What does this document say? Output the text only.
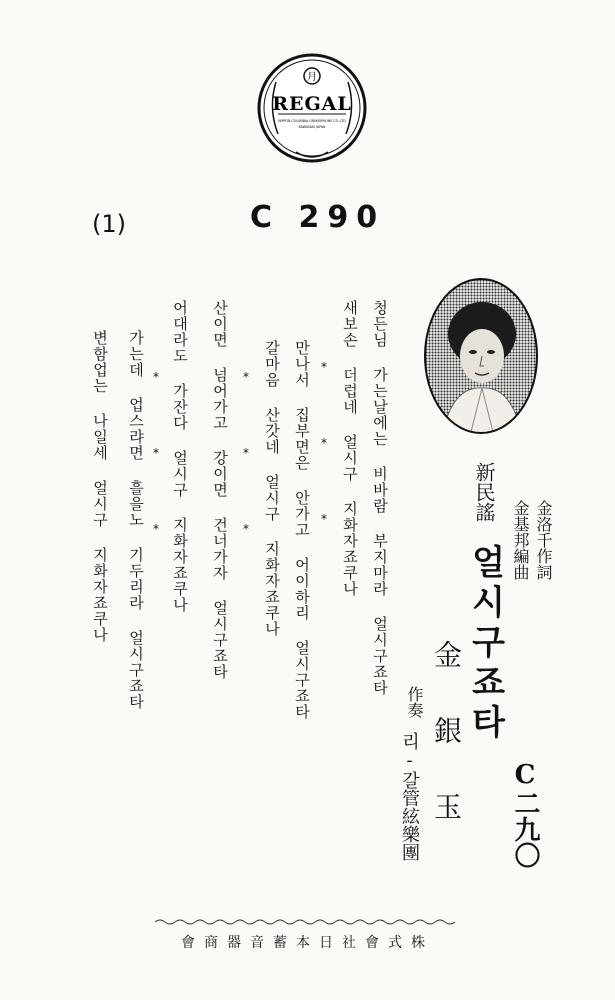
月
REGAL
NIPPON COLUMBIA GRAMOPHONE CO.,LTD
KAWASAKI JAPAN
(1)	C 290
新民謠
얼시구죠타
金洛千作詞
金基邦編曲
金銀玉
作奏
리-갈管絃樂團	C二九〇
청든님 가는날에는 비바람 부지마라 얼시구죠타
새보손 더럽네 얼시구 지화자죠쿠나
* * *
만나서 집부면은 안가고 어이하리 얼시구죠타
갈마음 산갓네 얼시구 지화자죠쿠나
* * *
산이면 넘어가고 강이면 건너가자 얼시구죠타
어대라도 가잔다 얼시구 지화자죠쿠나
* * *
가는데 업스랴면 흘을노 기두리라 얼시구죠타
변함업는 나일세 얼시구 지화자죠쿠나
株式會社日本蓄音器商會
